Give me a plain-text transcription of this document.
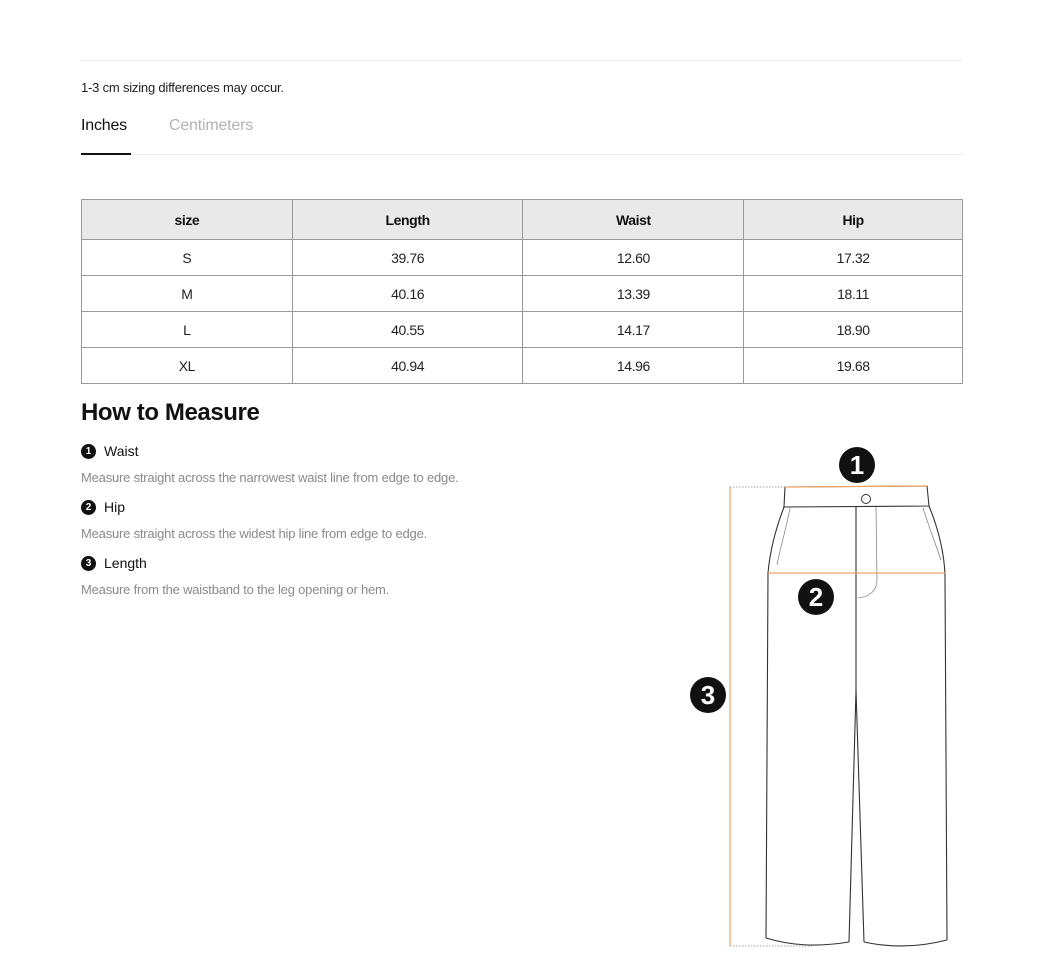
1-3 cm sizing differences may occur.
Inches	Centimeters
size	Length	Waist	Hip
S	39.76	12.60	17.32
M	40.16	13.39	18.11
L	40.55	14.17	18.90
XL	40.94	14.96	19.68
How to Measure
1 Waist
Measure straight across the narrowest waist line from edge to edge.
2 Hip
Measure straight across the widest hip line from edge to edge.
3 Length
Measure from the waistband to the leg opening or hem.
1
2
3
